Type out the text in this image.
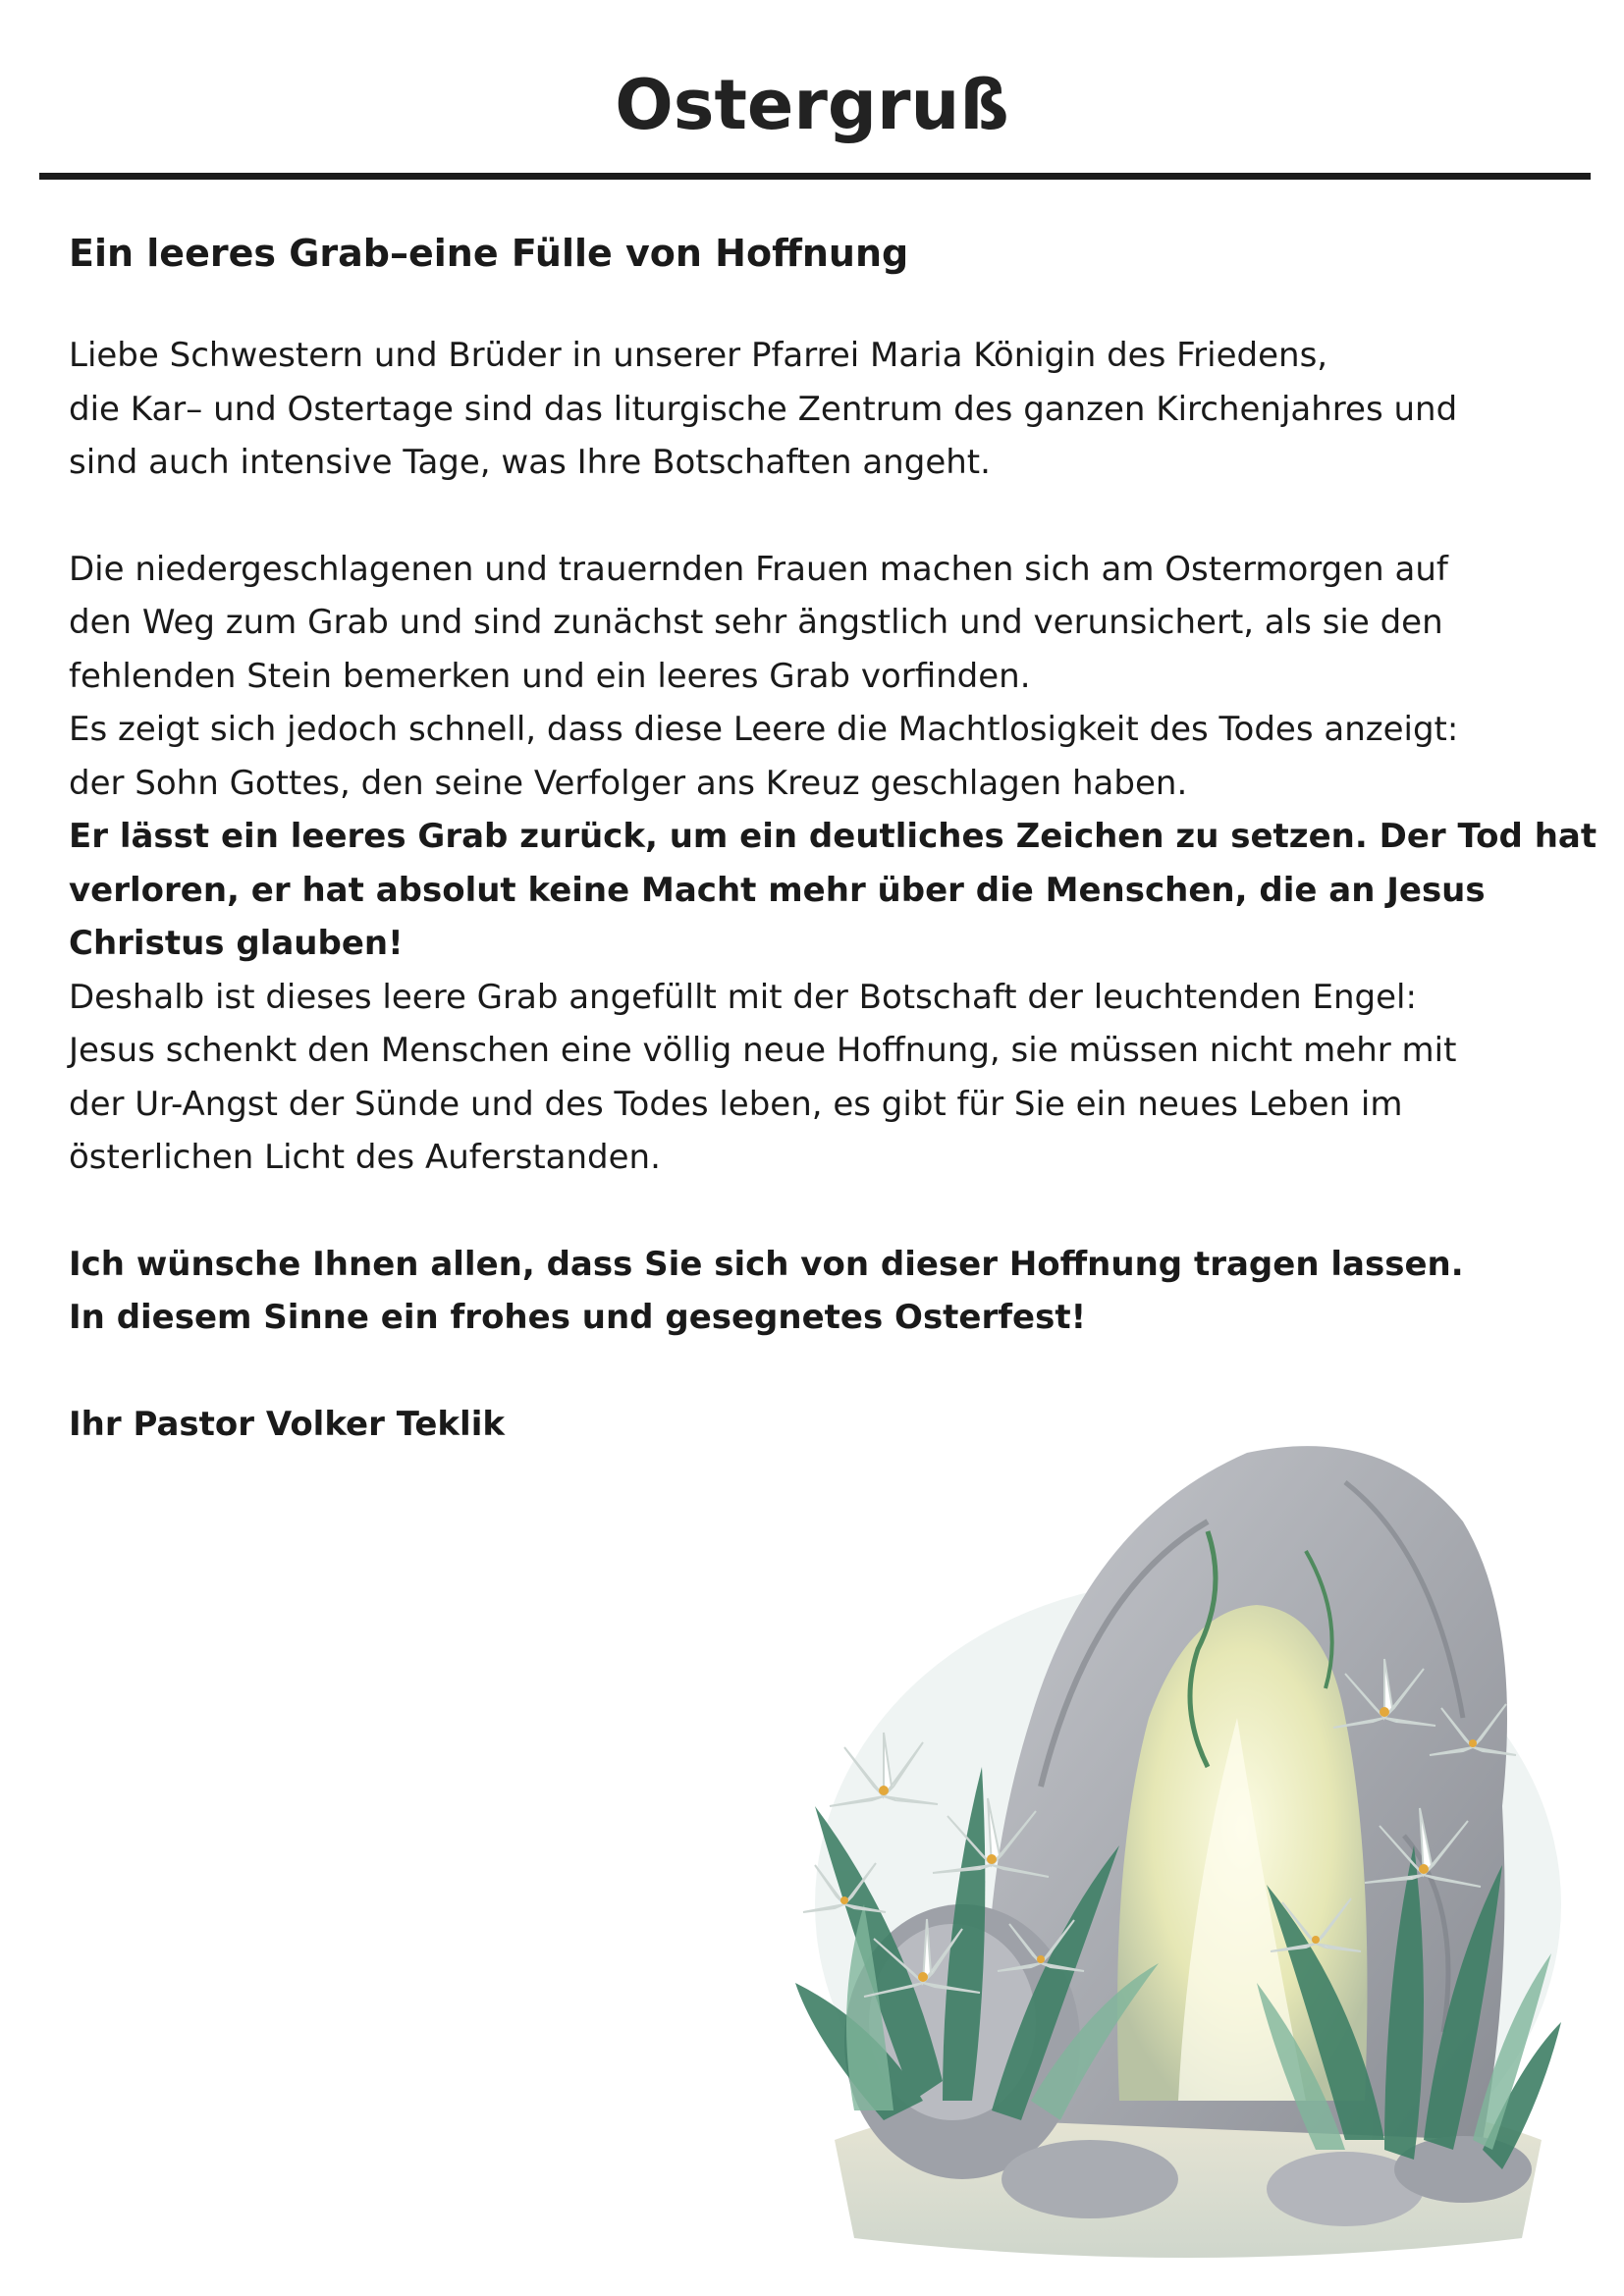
Ostergruß

Ein leeres Grab–eine Fülle von Hoffnung

Liebe Schwestern und Brüder in unserer Pfarrei Maria Königin des Friedens,

die Kar– und Ostertage sind das liturgische Zentrum des ganzen Kirchenjahres und

sind auch intensive Tage, was Ihre Botschaften angeht.

Die niedergeschlagenen und trauernden Frauen machen sich am Ostermorgen auf

den Weg zum Grab und sind zunächst sehr ängstlich und verunsichert, als sie den

fehlenden Stein bemerken und ein leeres Grab vorfinden.

Es zeigt sich jedoch schnell, dass diese Leere die Machtlosigkeit des Todes anzeigt:

der Sohn Gottes, den seine Verfolger ans Kreuz geschlagen haben.

Er lässt ein leeres Grab zurück, um ein deutliches Zeichen zu setzen. Der Tod hat

verloren, er hat absolut keine Macht mehr über die Menschen, die an Jesus

Christus glauben!

Deshalb ist dieses leere Grab angefüllt mit der Botschaft der leuchtenden Engel:

Jesus schenkt den Menschen eine völlig neue Hoffnung, sie müssen nicht mehr mit

der Ur-Angst der Sünde und des Todes leben, es gibt für Sie ein neues Leben im

österlichen Licht des Auferstanden.

Ich wünsche Ihnen allen, dass Sie sich von dieser Hoffnung tragen lassen.

In diesem Sinne ein frohes und gesegnetes Osterfest!

Ihr Pastor Volker Teklik
